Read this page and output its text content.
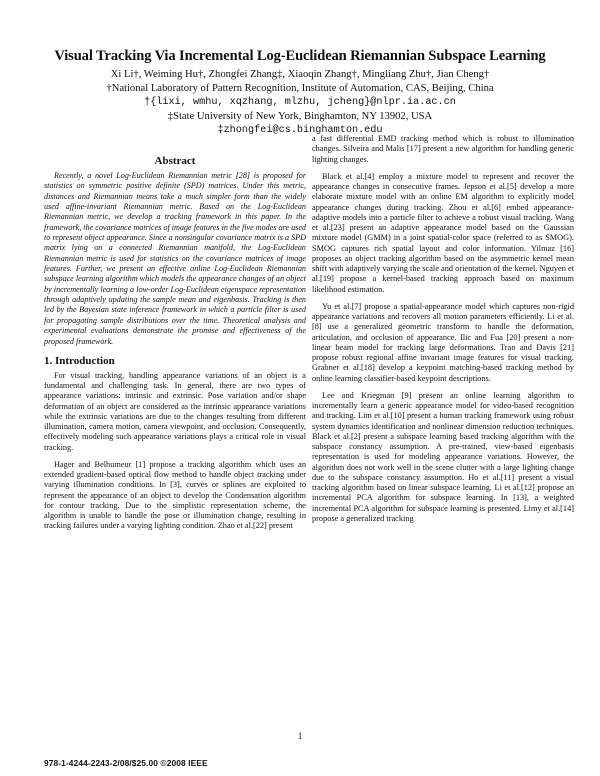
Visual Tracking Via Incremental Log-Euclidean Riemannian Subspace Learning
Xi Li†, Weiming Hu†, Zhongfei Zhang‡, Xiaoqin Zhang†, Mingliang Zhu†, Jian Cheng†
†National Laboratory of Pattern Recognition, Institute of Automation, CAS, Beijing, China
†{lixi, wmhu, xqzhang, mlzhu, jcheng}@nlpr.ia.ac.cn
‡State University of New York, Binghamton, NY 13902, USA
‡zhongfei@cs.binghamton.edu
Abstract

Recently, a novel Log-Euclidean Riemannian metric [28] is proposed for statistics on symmetric positive definite (SPD) matrices. Under this metric, distances and Riemannian means take a much simpler form than the widely used affine-invariant Riemannian metric. Based on the Log-Euclidean Riemannian metric, we develop a tracking framework in this paper. In the framework, the covariance matrices of image features in the five modes are used to represent object appearance. Since a nonsingular covariance matrix is a SPD matrix lying on a connected Riemannian manifold, the Log-Euclidean Riemannian metric is used for statistics on the covariance matrices of image features. Further, we present an effective online Log-Euclidean Riemannian subspace learning algorithm which models the appearance changes of an object by incrementally learning a low-order Log-Euclidean eigenspace representation through adaptively updating the sample mean and eigenbasis. Tracking is then led by the Bayesian state inference framework in which a particle filter is used for propagating sample distributions over the time. Theoretical analysis and experimental evaluations demonstrate the promise and effectiveness of the proposed framework.

1. Introduction

For visual tracking, handling appearance variations of an object is a fundamental and challenging task. In general, there are two types of appearance variations: intrinsic and extrinsic. Pose variation and/or shape deformation of an object are considered as the intrinsic appearance variations while the extrinsic variations are due to the changes resulting from different illumination, camera motion, camera viewpoint, and occlusion. Consequently, effectively modeling such appearance variations plays a critical role in visual tracking.

Hager and Belhumeur [1] propose a tracking algorithm which uses an extended gradient-based optical flow method to handle object tracking under varying illumination conditions. In [3], curves or splines are exploited to represent the appearance of an object to develop the Condensation algorithm for contour tracking. Due to the simplistic representation scheme, the algorithm is unable to handle the pose or illumination change, resulting in tracking failures under a varying lighting condition. Zhao et al.[22] present

a fast differential EMD tracking method which is robust to illumination changes. Silveira and Malis [17] present a new algorithm for handling generic lighting changes.

Black et al.[4] employ a mixture model to represent and recover the appearance changes in consecutive frames. Jepson et al.[5] develop a more elaborate mixture model with an online EM algorithm to explicitly model appearance changes during tracking. Zhou et al.[6] embed appearance-adaptive models into a particle filter to achieve a robust visual tracking. Wang et al.[23] present an adaptive appearance model based on the Gaussian mixture model (GMM) in a joint spatial-color space (referred to as SMOG). SMOG captures rich spatial layout and color information. Yilmaz [16] proposes an object tracking algorithm based on the asymmetric kernel mean shift with adaptively varying the scale and orientation of the kernel. Nguyen et al.[19] propose a kernel-based tracking approach based on maximum likelihood estimation.

Yu et al.[7] propose a spatial-appearance model which captures non-rigid appearance variations and recovers all motion parameters efficiently. Li et al.[8] use a generalized geometric transform to handle the deformation, articulation, and occlusion of appearance. Ilic and Fua [20] present a non-linear beam model for tracking large deformations. Tran and Davis [21] propose robust regional affine invariant image features for visual tracking. Grabner et al.[18] develop a keypoint matching-based tracking method by online learning classifier-based keypoint descriptions.

Lee and Kriegman [9] present an online learning algorithm to incrementally learn a generic appearance model for video-based recognition and tracking. Lim et al.[10] present a human tracking framework using robust system dynamics identification and nonlinear dimension reduction techniques. Black et al.[2] present a subspace learning based tracking algorithm with the subspace constancy assumption. A pre-trained, view-based eigenbasis representation is used for modeling appearance variations. However, the algorithm does not work well in the scene clutter with a large lighting change due to the subspace constancy assumption. Ho et al.[11] present a visual tracking algorithm based on linear subspace learning. Li et al.[12] propose an incremental PCA algorithm for subspace learning. In [13], a weighted incremental PCA algorithm for subspace learning is presented. Limy et al.[14] propose a generalized tracking

1
978-1-4244-2243-2/08/$25.00 ©2008 IEEE
